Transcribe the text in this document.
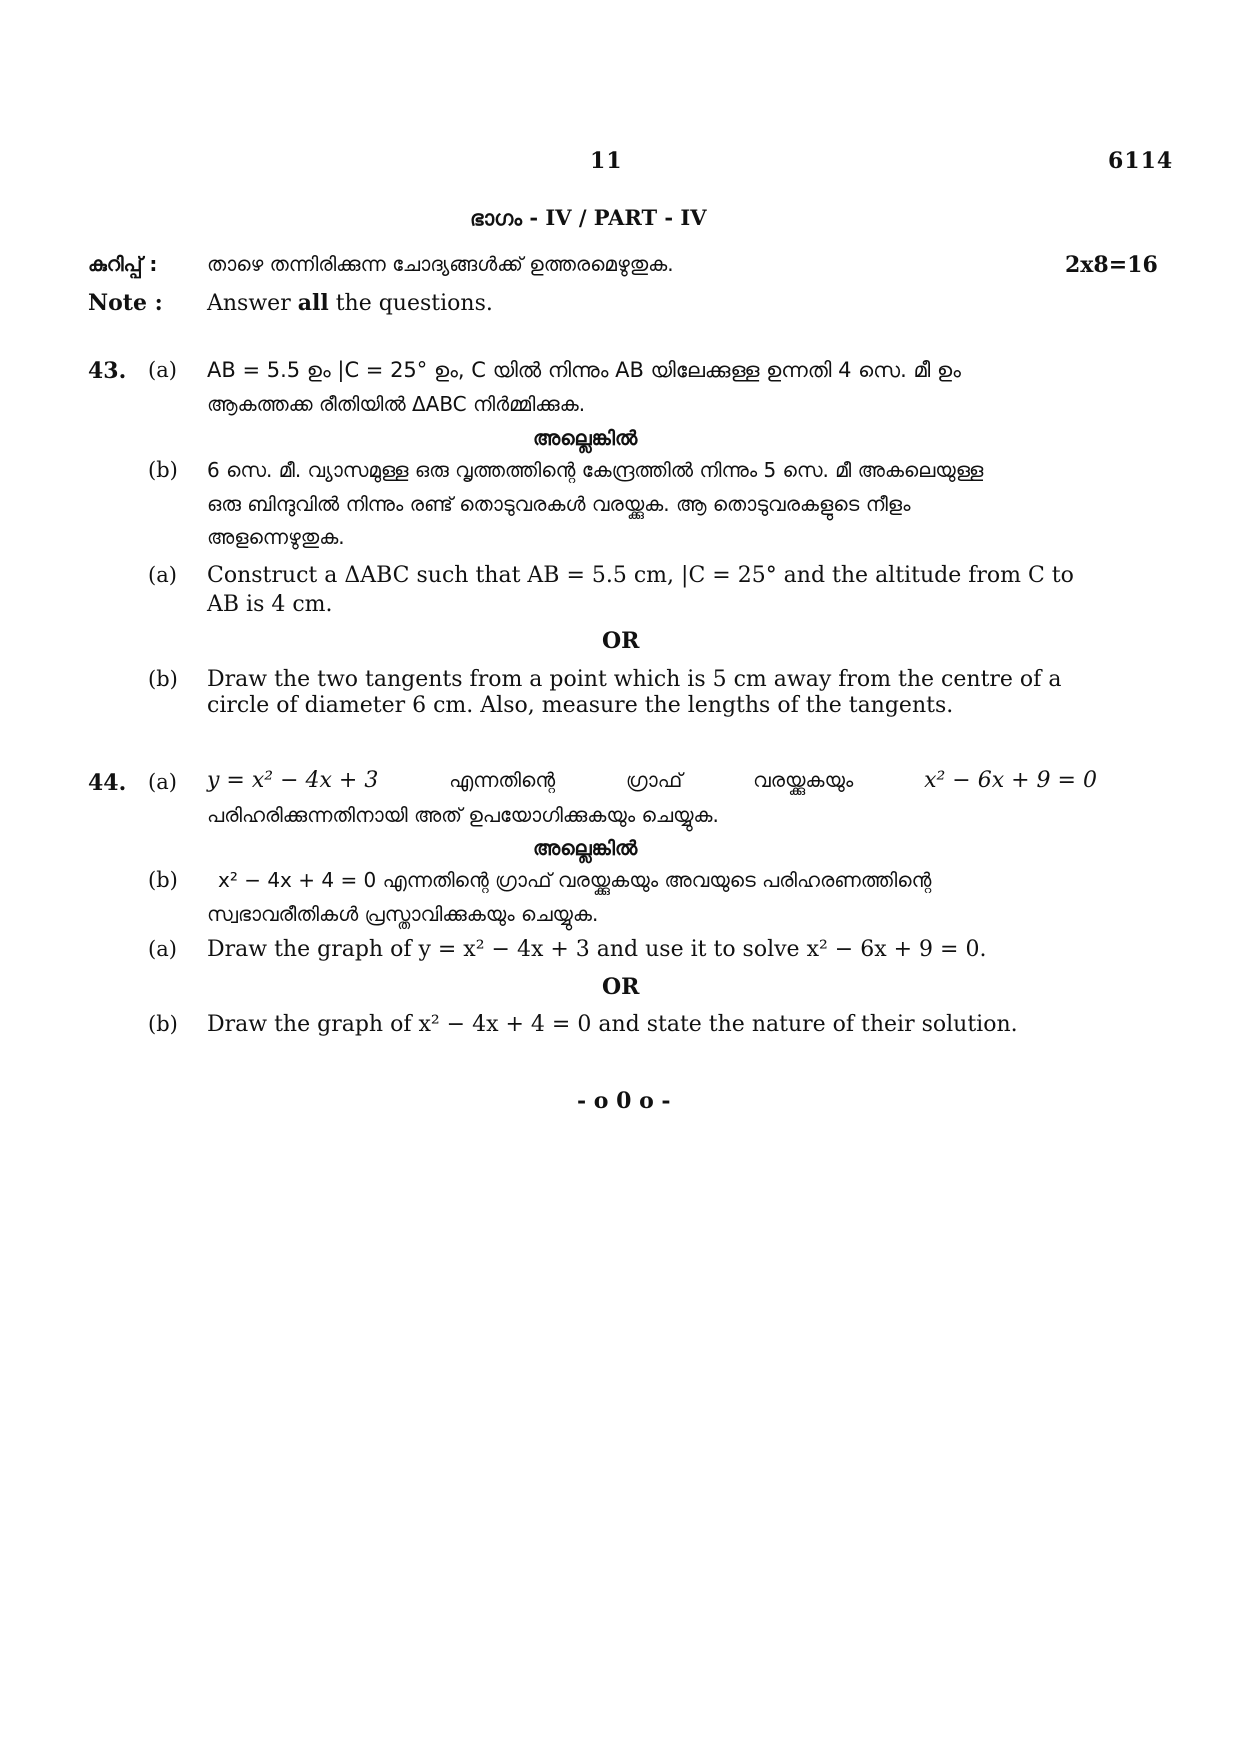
11	6114
ഭാഗം - IV / PART - IV
കുറിപ്പ് : താഴെ തന്നിരിക്കുന്ന ചോദ്യങ്ങൾക്ക് ഉത്തരമെഴുതുക.	2x8=16
Note : Answer all the questions.
43. (a) AB = 5.5 ഉം |C = 25° ഉം, C യിൽ നിന്നും AB യിലേക്കുള്ള ഉന്നതി 4 സെ. മീ ഉം
ആകത്തക്ക രീതിയിൽ ΔABC നിർമ്മിക്കുക.
അല്ലെങ്കിൽ
(b) 6 സെ. മീ. വ്യാസമുള്ള ഒരു വൃത്തത്തിന്റെ കേന്ദ്രത്തിൽ നിന്നും 5 സെ. മീ അകലെയുള്ള
ഒരു ബിന്ദുവിൽ നിന്നും രണ്ട് തൊടുവരകൾ വരയ്ക്കുക. ആ തൊടുവരകളുടെ നീളം
അളന്നെഴുതുക.
(a) Construct a ΔABC such that AB = 5.5 cm, |C = 25° and the altitude from C to
AB is 4 cm.
OR
(b) Draw the two tangents from a point which is 5 cm away from the centre of a
circle of diameter 6 cm. Also, measure the lengths of the tangents.
44. (a) y = x² − 4x + 3	എന്നതിന്റെ	ഗ്രാഫ്	വരയ്ക്കുകയും	x² − 6x + 9 = 0
പരിഹരിക്കുന്നതിനായി അത് ഉപയോഗിക്കുകയും ചെയ്യുക.
അല്ലെങ്കിൽ
(b) x² − 4x + 4 = 0 എന്നതിന്റെ ഗ്രാഫ് വരയ്ക്കുകയും അവയുടെ പരിഹരണത്തിന്റെ
സ്വഭാവരീതികൾ പ്രസ്താവിക്കുകയും ചെയ്യുക.
(a) Draw the graph of y = x² − 4x + 3 and use it to solve x² − 6x + 9 = 0.
OR
(b) Draw the graph of x² − 4x + 4 = 0 and state the nature of their solution.
- o 0 o -
